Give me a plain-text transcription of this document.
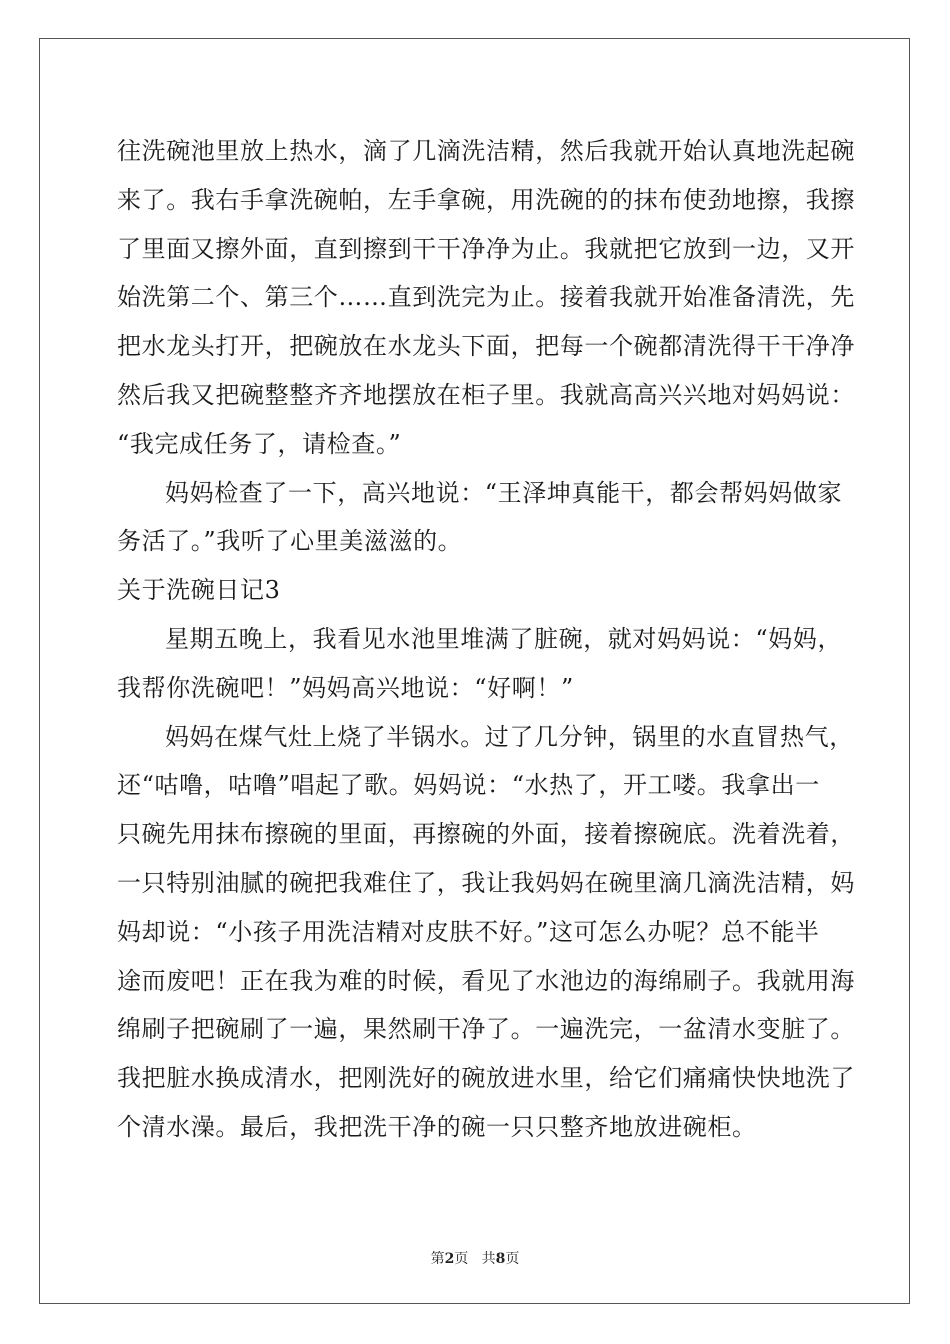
往洗碗池里放上热水，滴了几滴洗洁精，然后我就开始认真地洗起碗
来了。我右手拿洗碗帕，左手拿碗，用洗碗的的抹布使劲地擦，我擦
了里面又擦外面，直到擦到干干净净为止。我就把它放到一边，又开
始洗第二个、第三个……直到洗完为止。接着我就开始准备清洗，先
把水龙头打开，把碗放在水龙头下面，把每一个碗都清洗得干干净净
然后我又把碗整整齐齐地摆放在柜子里。我就高高兴兴地对妈妈说：
“我完成任务了，请检查。”
妈妈检查了一下，高兴地说：“王泽坤真能干，都会帮妈妈做家
务活了。”我听了心里美滋滋的。
关于洗碗日记3
星期五晚上，我看见水池里堆满了脏碗，就对妈妈说：“妈妈，
我帮你洗碗吧！”妈妈高兴地说：“好啊！”
妈妈在煤气灶上烧了半锅水。过了几分钟，锅里的水直冒热气，
还“咕噜，咕噜”唱起了歌。妈妈说：“水热了，开工喽。我拿出一
只碗先用抹布擦碗的里面，再擦碗的外面，接着擦碗底。洗着洗着，
一只特别油腻的碗把我难住了，我让我妈妈在碗里滴几滴洗洁精，妈
妈却说：“小孩子用洗洁精对皮肤不好。”这可怎么办呢？总不能半
途而废吧！正在我为难的时候，看见了水池边的海绵刷子。我就用海
绵刷子把碗刷了一遍，果然刷干净了。一遍洗完，一盆清水变脏了。
我把脏水换成清水，把刚洗好的碗放进水里，给它们痛痛快快地洗了
个清水澡。最后，我把洗干净的碗一只只整齐地放进碗柜。
第2页 共8页
